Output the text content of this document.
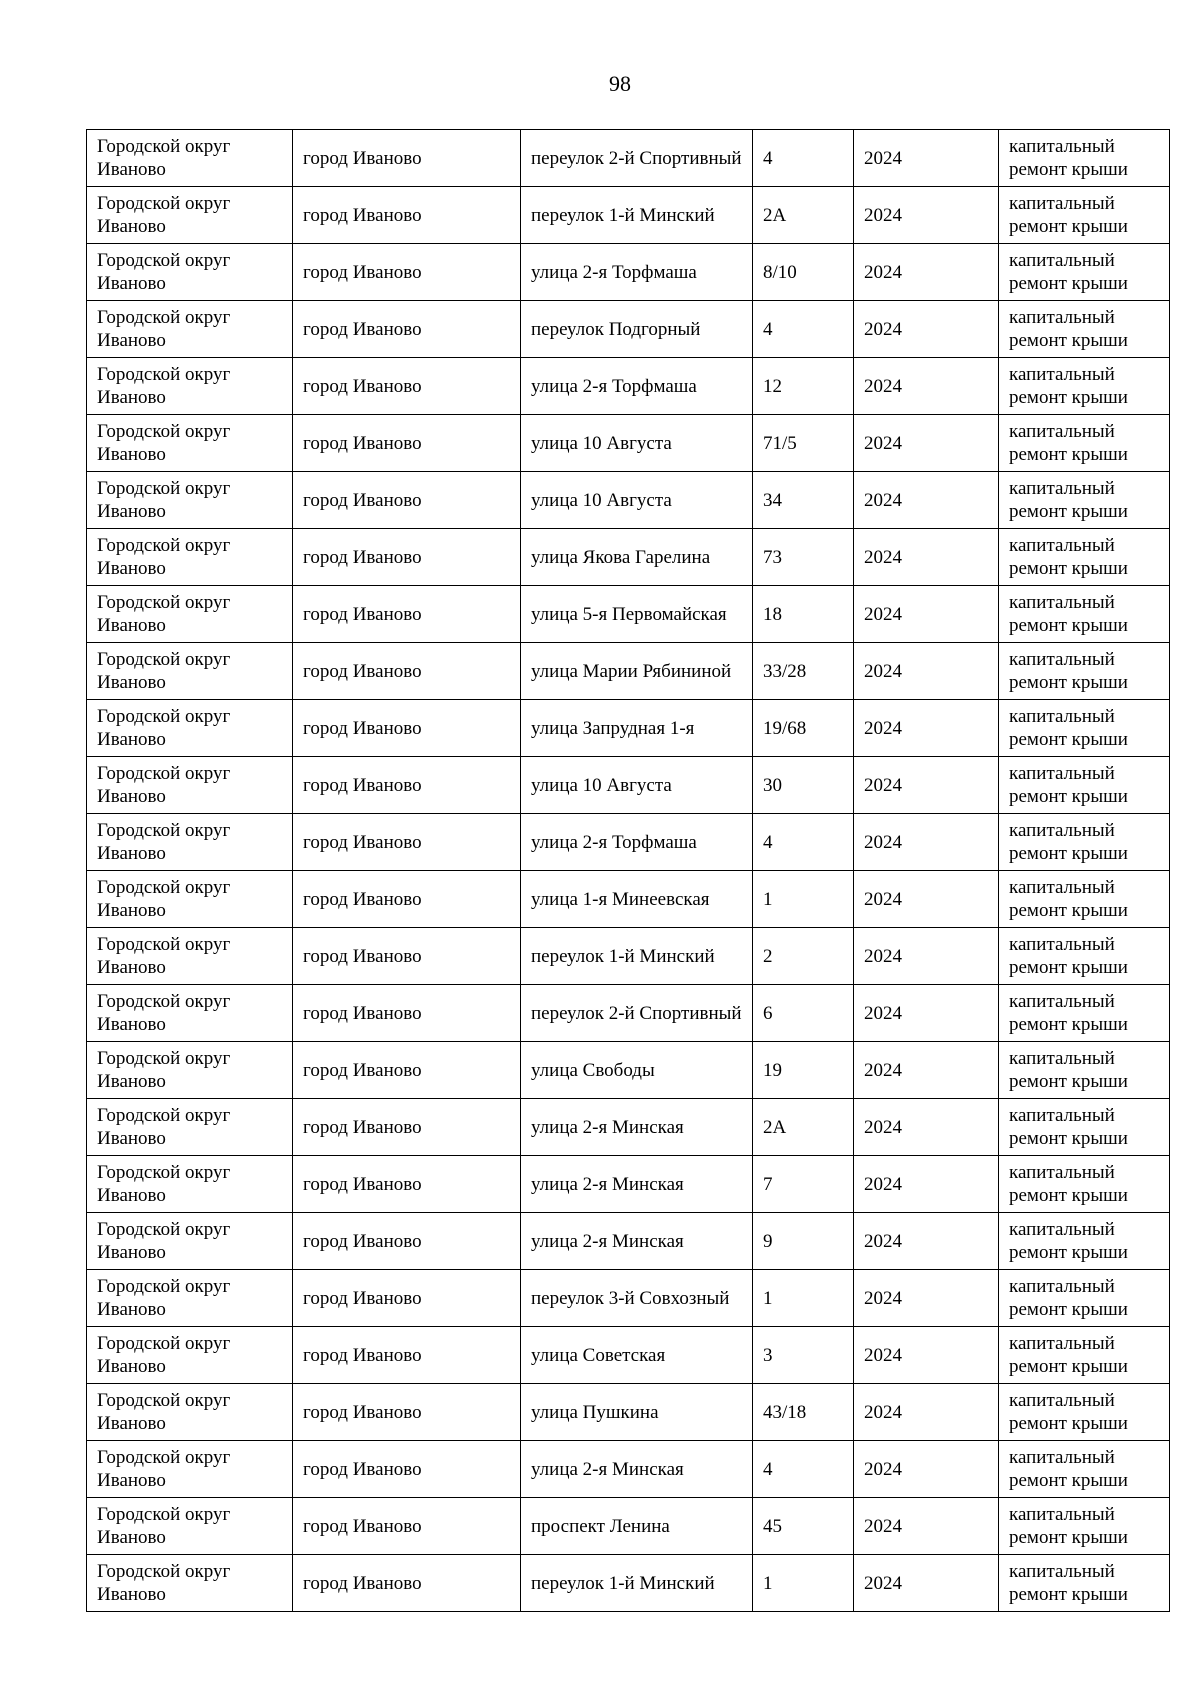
98
Городской округ Иваново	город Иваново	переулок 2-й Спортивный	4	2024	капитальный ремонт крыши
Городской округ Иваново	город Иваново	переулок 1-й Минский	2А	2024	капитальный ремонт крыши
Городской округ Иваново	город Иваново	улица 2-я Торфмаша	8/10	2024	капитальный ремонт крыши
Городской округ Иваново	город Иваново	переулок Подгорный	4	2024	капитальный ремонт крыши
Городской округ Иваново	город Иваново	улица 2-я Торфмаша	12	2024	капитальный ремонт крыши
Городской округ Иваново	город Иваново	улица 10 Августа	71/5	2024	капитальный ремонт крыши
Городской округ Иваново	город Иваново	улица 10 Августа	34	2024	капитальный ремонт крыши
Городской округ Иваново	город Иваново	улица Якова Гарелина	73	2024	капитальный ремонт крыши
Городской округ Иваново	город Иваново	улица 5-я Первомайская	18	2024	капитальный ремонт крыши
Городской округ Иваново	город Иваново	улица Марии Рябининой	33/28	2024	капитальный ремонт крыши
Городской округ Иваново	город Иваново	улица Запрудная 1-я	19/68	2024	капитальный ремонт крыши
Городской округ Иваново	город Иваново	улица 10 Августа	30	2024	капитальный ремонт крыши
Городской округ Иваново	город Иваново	улица 2-я Торфмаша	4	2024	капитальный ремонт крыши
Городской округ Иваново	город Иваново	улица 1-я Минеевская	1	2024	капитальный ремонт крыши
Городской округ Иваново	город Иваново	переулок 1-й Минский	2	2024	капитальный ремонт крыши
Городской округ Иваново	город Иваново	переулок 2-й Спортивный	6	2024	капитальный ремонт крыши
Городской округ Иваново	город Иваново	улица Свободы	19	2024	капитальный ремонт крыши
Городской округ Иваново	город Иваново	улица 2-я Минская	2А	2024	капитальный ремонт крыши
Городской округ Иваново	город Иваново	улица 2-я Минская	7	2024	капитальный ремонт крыши
Городской округ Иваново	город Иваново	улица 2-я Минская	9	2024	капитальный ремонт крыши
Городской округ Иваново	город Иваново	переулок 3-й Совхозный	1	2024	капитальный ремонт крыши
Городской округ Иваново	город Иваново	улица Советская	3	2024	капитальный ремонт крыши
Городской округ Иваново	город Иваново	улица Пушкина	43/18	2024	капитальный ремонт крыши
Городской округ Иваново	город Иваново	улица 2-я Минская	4	2024	капитальный ремонт крыши
Городской округ Иваново	город Иваново	проспект Ленина	45	2024	капитальный ремонт крыши
Городской округ Иваново	город Иваново	переулок 1-й Минский	1	2024	капитальный ремонт крыши
